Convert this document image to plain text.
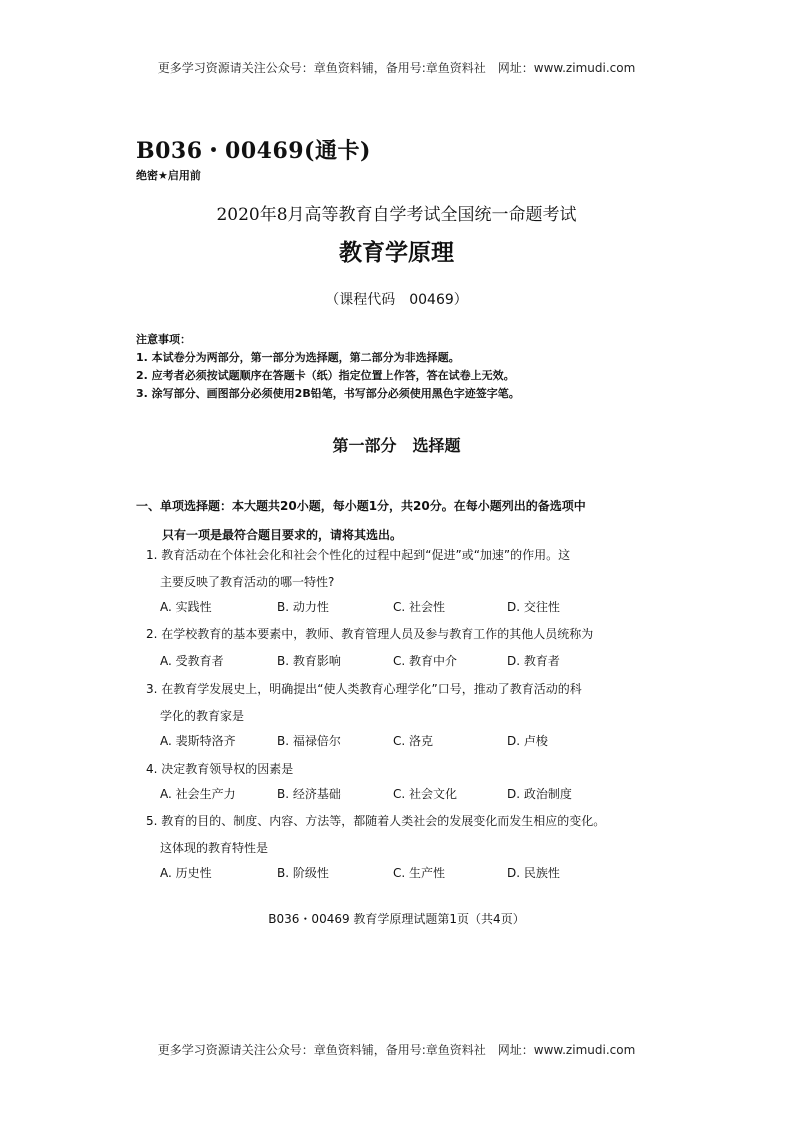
更多学习资源请关注公众号：章鱼资料铺，备用号:章鱼资料社　网址：www.zimudi.com
B036・00469(通卡)
绝密★启用前
2020年8月高等教育自学考试全国统一命题考试
教育学原理
（课程代码　00469）
注意事项：
1. 本试卷分为两部分，第一部分为选择题，第二部分为非选择题。
2. 应考者必须按试题顺序在答题卡（纸）指定位置上作答，答在试卷上无效。
3. 涂写部分、画图部分必须使用2B铅笔，书写部分必须使用黑色字迹签字笔。
第一部分　选择题
一、单项选择题：本大题共20小题，每小题1分，共20分。在每小题列出的备选项中
只有一项是最符合题目要求的，请将其选出。
1. 教育活动在个体社会化和社会个性化的过程中起到“促进”或“加速”的作用。这
主要反映了教育活动的哪一特性?
A. 实践性	B. 动力性	C. 社会性	D. 交往性
2. 在学校教育的基本要素中，教师、教育管理人员及参与教育工作的其他人员统称为
A. 受教育者	B. 教育影响	C. 教育中介	D. 教育者
3. 在教育学发展史上，明确提出“使人类教育心理学化”口号，推动了教育活动的科
学化的教育家是
A. 裴斯特洛齐	B. 福禄倍尔	C. 洛克	D. 卢梭
4. 决定教育领导权的因素是
A. 社会生产力	B. 经济基础	C. 社会文化	D. 政治制度
5. 教育的目的、制度、内容、方法等，都随着人类社会的发展变化而发生相应的变化。
这体现的教育特性是
A. 历史性	B. 阶级性	C. 生产性	D. 民族性
B036・00469 教育学原理试题第1页（共4页）
更多学习资源请关注公众号：章鱼资料铺，备用号:章鱼资料社　网址：www.zimudi.com
